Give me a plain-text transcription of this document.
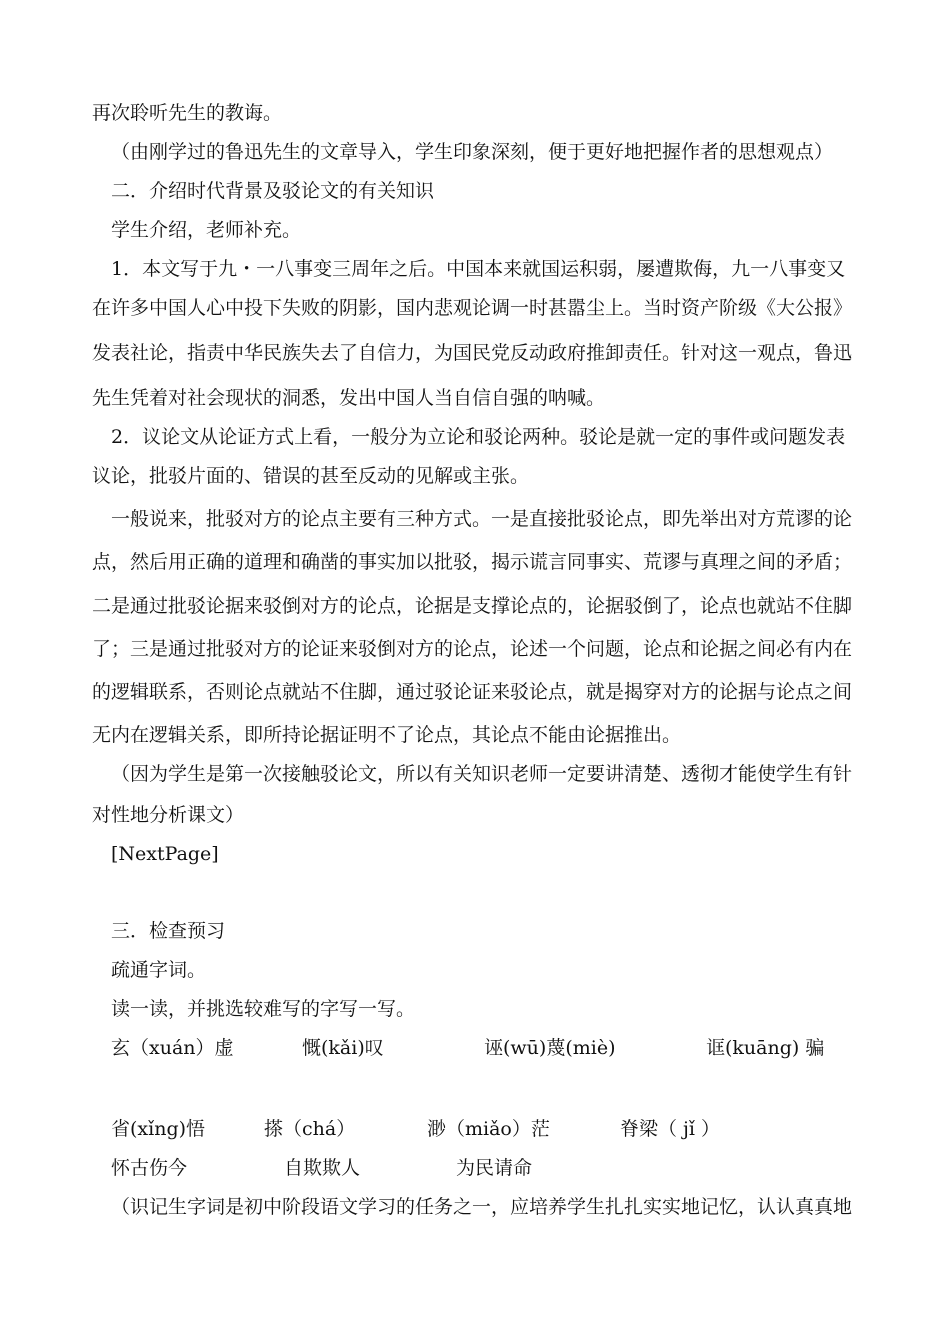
再次聆听先生的教诲。
（由刚学过的鲁迅先生的文章导入，学生印象深刻，便于更好地把握作者的思想观点）
二．介绍时代背景及驳论文的有关知识
学生介绍，老师补充。
1．本文写于九・一八事变三周年之后。中国本来就国运积弱，屡遭欺侮，九一八事变又
在许多中国人心中投下失败的阴影，国内悲观论调一时甚嚣尘上。当时资产阶级《大公报》
发表社论，指责中华民族失去了自信力，为国民党反动政府推卸责任。针对这一观点，鲁迅
先生凭着对社会现状的洞悉，发出中国人当自信自强的呐喊。
2．议论文从论证方式上看，一般分为立论和驳论两种。驳论是就一定的事件或问题发表
议论，批驳片面的、错误的甚至反动的见解或主张。
一般说来，批驳对方的论点主要有三种方式。一是直接批驳论点，即先举出对方荒谬的论
点，然后用正确的道理和确凿的事实加以批驳，揭示谎言同事实、荒谬与真理之间的矛盾；
二是通过批驳论据来驳倒对方的论点，论据是支撑论点的，论据驳倒了，论点也就站不住脚
了；三是通过批驳对方的论证来驳倒对方的论点，论述一个问题，论点和论据之间必有内在
的逻辑联系，否则论点就站不住脚，通过驳论证来驳论点，就是揭穿对方的论据与论点之间
无内在逻辑关系，即所持论据证明不了论点，其论点不能由论据推出。
（因为学生是第一次接触驳论文，所以有关知识老师一定要讲清楚、透彻才能使学生有针
对性地分析课文）
[NextPage]
三．检查预习
疏通字词。
读一读，并挑选较难写的字写一写。
玄（xuán）虚	慨(kǎi)叹	诬(wū)蔑(miè)	诓(kuāng) 骗
省(xǐng)悟	搽（chá）	渺（miǎo）茫	脊梁（ jǐ ）
怀古伤今	自欺欺人	为民请命
（识记生字词是初中阶段语文学习的任务之一，应培养学生扎扎实实地记忆，认认真真地
